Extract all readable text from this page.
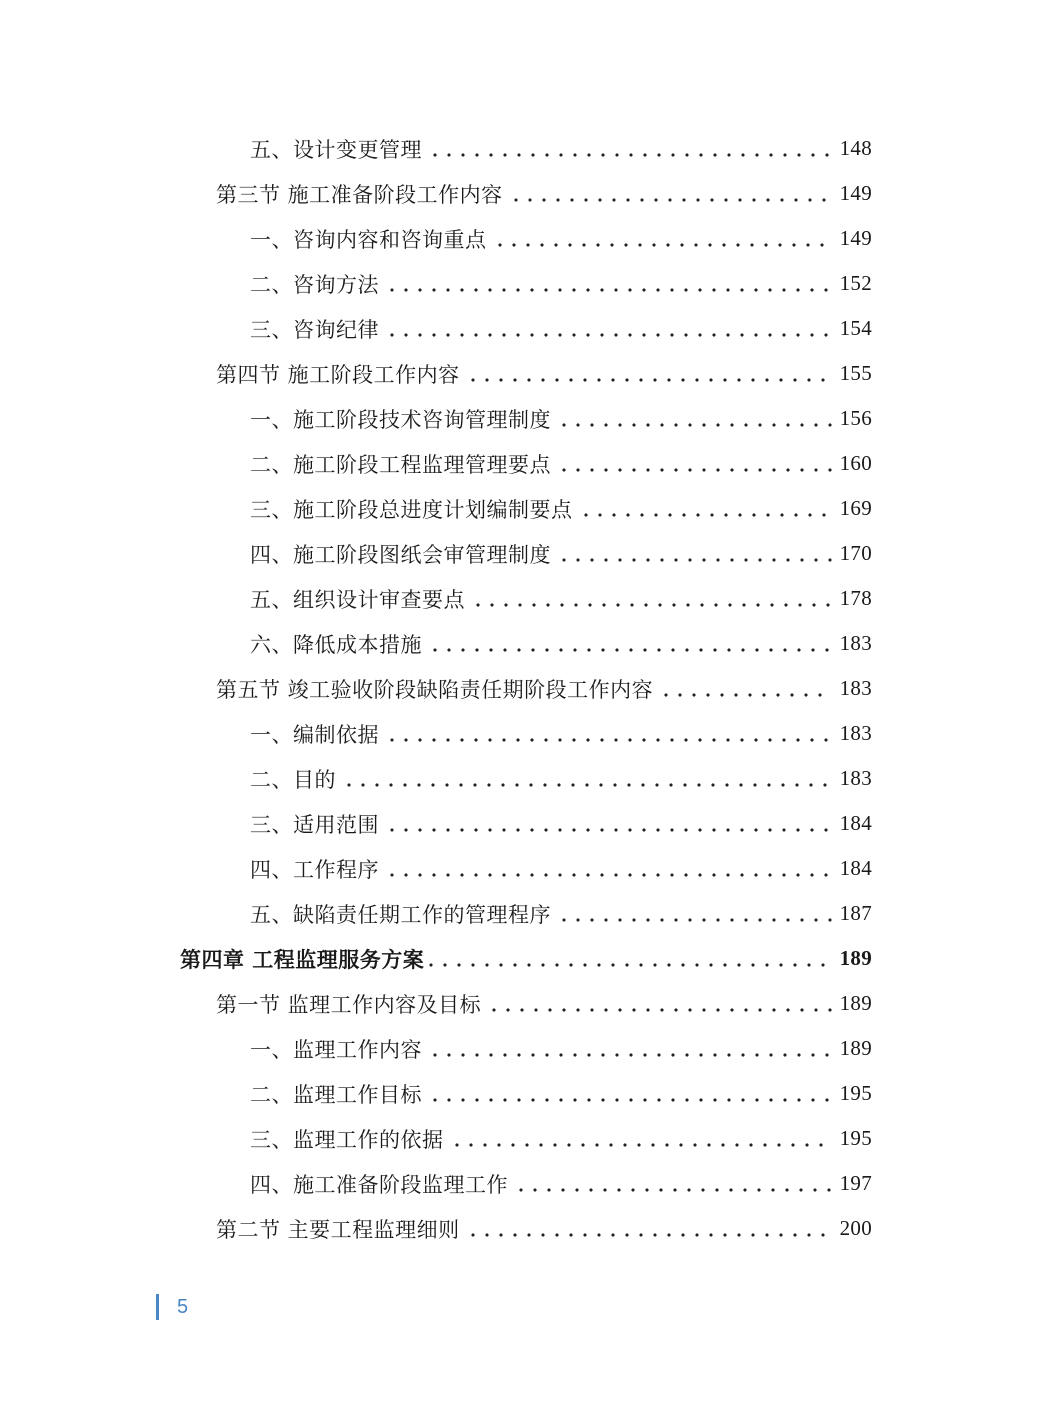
五、设计变更管理	148
第三节 施工准备阶段工作内容	149
一、咨询内容和咨询重点	149
二、咨询方法	152
三、咨询纪律	154
第四节 施工阶段工作内容	155
一、施工阶段技术咨询管理制度	156
二、施工阶段工程监理管理要点	160
三、施工阶段总进度计划编制要点	169
四、施工阶段图纸会审管理制度	170
五、组织设计审查要点	178
六、降低成本措施	183
第五节 竣工验收阶段缺陷责任期阶段工作内容	183
一、编制依据	183
二、目的	183
三、适用范围	184
四、工作程序	184
五、缺陷责任期工作的管理程序	187
第四章 工程监理服务方案	189
第一节 监理工作内容及目标	189
一、监理工作内容	189
二、监理工作目标	195
三、监理工作的依据	195
四、施工准备阶段监理工作	197
第二节 主要工程监理细则	200
5
